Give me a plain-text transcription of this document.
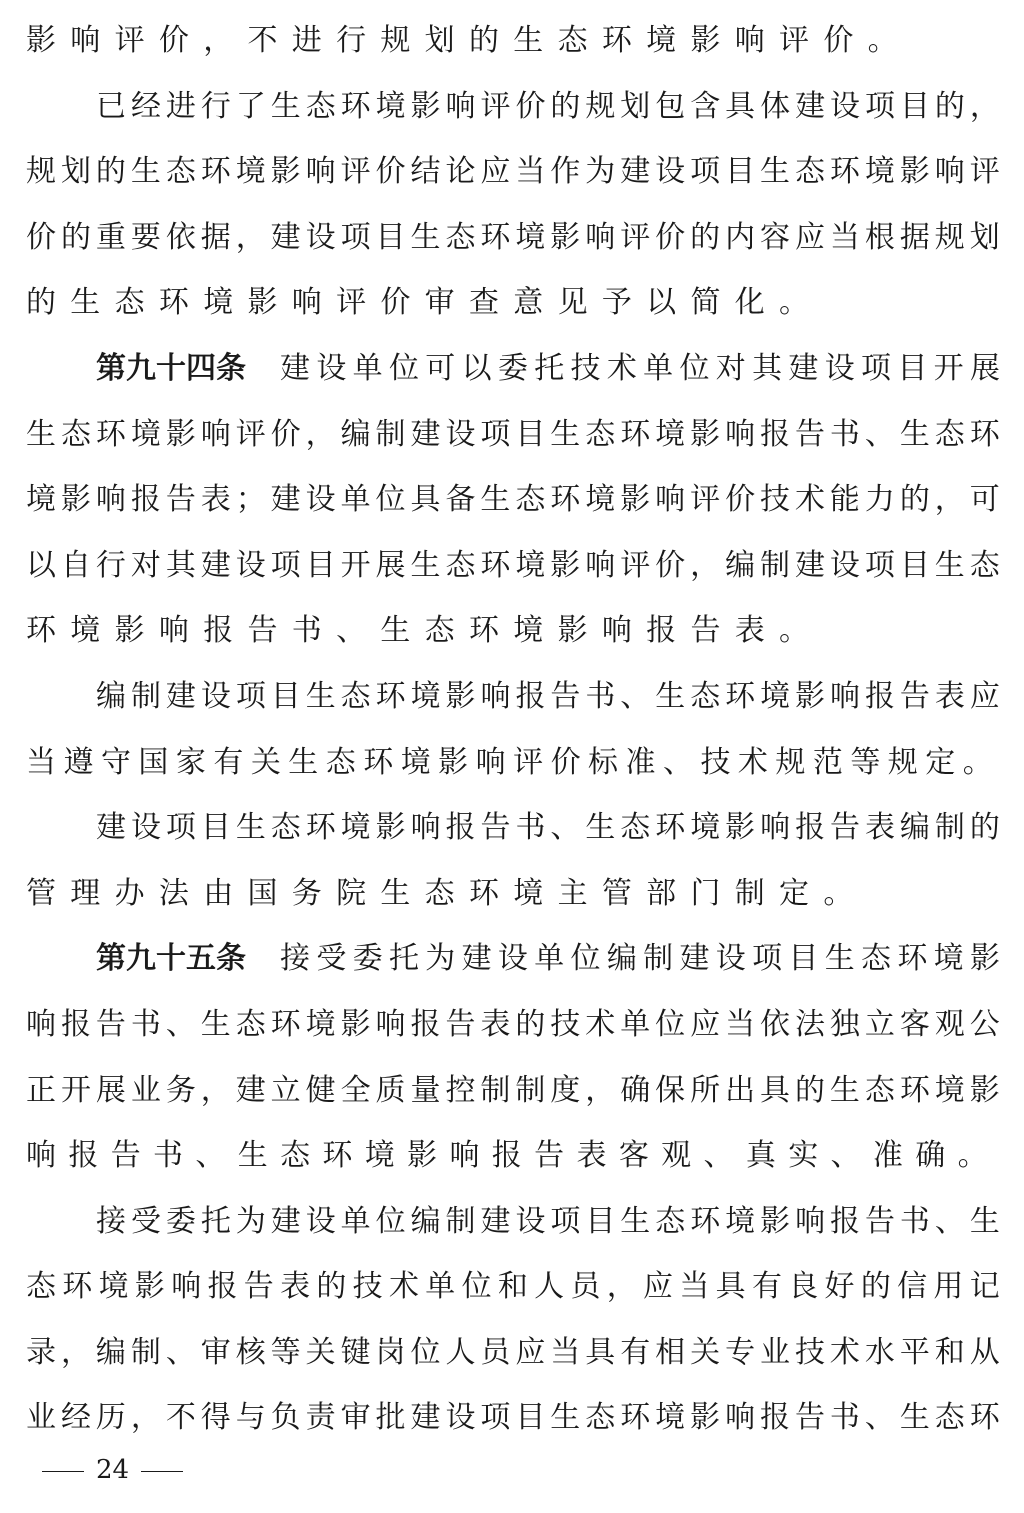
影 响 评 价 ， 不 进 行 规 划 的 生 态 环 境 影 响 评 价 。
已 经 进 行 了 生 态 环 境 影 响 评 价 的 规 划 包 含 具 体 建 设 项 目 的 ，
规 划 的 生 态 环 境 影 响 评 价 结 论 应 当 作 为 建 设 项 目 生 态 环 境 影 响 评
价 的 重 要 依 据 ， 建 设 项 目 生 态 环 境 影 响 评 价 的 内 容 应 当 根 据 规 划
的 生 态 环 境 影 响 评 价 审 查 意 见 予 以 简 化 。
第九十四条 建 设 单 位 可 以 委 托 技 术 单 位 对 其 建 设 项 目 开 展
生 态 环 境 影 响 评 价 ， 编 制 建 设 项 目 生 态 环 境 影 响 报 告 书 、 生 态 环
境 影 响 报 告 表 ； 建 设 单 位 具 备 生 态 环 境 影 响 评 价 技 术 能 力 的 ， 可
以 自 行 对 其 建 设 项 目 开 展 生 态 环 境 影 响 评 价 ， 编 制 建 设 项 目 生 态
环 境 影 响 报 告 书 、 生 态 环 境 影 响 报 告 表 。
编 制 建 设 项 目 生 态 环 境 影 响 报 告 书 、 生 态 环 境 影 响 报 告 表 应
当 遵 守 国 家 有 关 生 态 环 境 影 响 评 价 标 准 、 技 术 规 范 等 规 定 。
建 设 项 目 生 态 环 境 影 响 报 告 书 、 生 态 环 境 影 响 报 告 表 编 制 的
管 理 办 法 由 国 务 院 生 态 环 境 主 管 部 门 制 定 。
第九十五条 接 受 委 托 为 建 设 单 位 编 制 建 设 项 目 生 态 环 境 影
响 报 告 书 、 生 态 环 境 影 响 报 告 表 的 技 术 单 位 应 当 依 法 独 立 客 观 公
正 开 展 业 务 ， 建 立 健 全 质 量 控 制 制 度 ， 确 保 所 出 具 的 生 态 环 境 影
响 报 告 书 、 生 态 环 境 影 响 报 告 表 客 观 、 真 实 、 准 确 。
接 受 委 托 为 建 设 单 位 编 制 建 设 项 目 生 态 环 境 影 响 报 告 书 、 生
态 环 境 影 响 报 告 表 的 技 术 单 位 和 人 员 ， 应 当 具 有 良 好 的 信 用 记
录 ， 编 制 、 审 核 等 关 键 岗 位 人 员 应 当 具 有 相 关 专 业 技 术 水 平 和 从
业 经 历 ， 不 得 与 负 责 审 批 建 设 项 目 生 态 环 境 影 响 报 告 书 、 生 态 环
24
